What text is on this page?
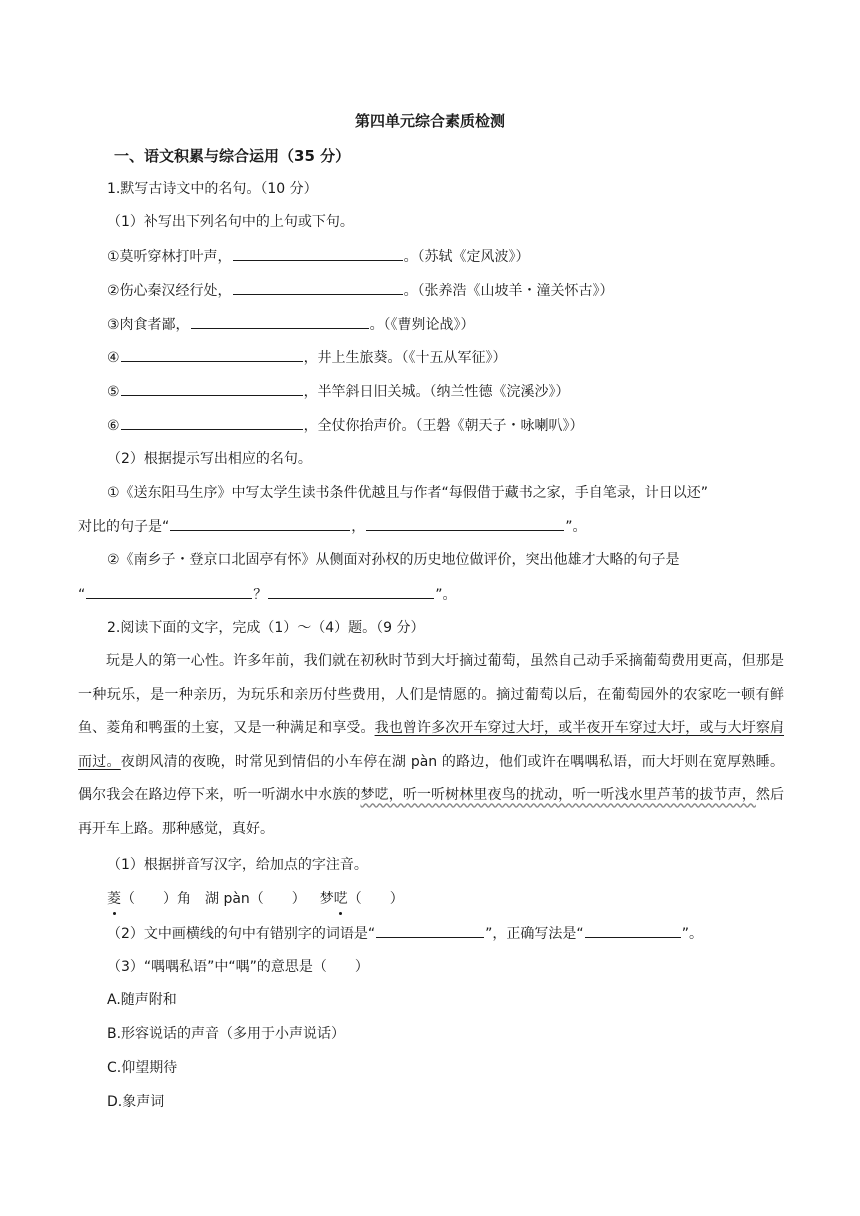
第四单元综合素质检测
一、语文积累与综合运用（35 分）
1.默写古诗文中的名句。（10 分）
（1）补写出下列名句中的上句或下句。
①莫听穿林打叶声，	。（苏轼《定风波》）
②伤心秦汉经行处，	。（张养浩《山坡羊・潼关怀古》）
③肉食者鄙，	。（《曹刿论战》）
④	，井上生旅葵。（《十五从军征》）
⑤	，半竿斜日旧关城。（纳兰性德《浣溪沙》）
⑥	，全仗你抬声价。（王磐《朝天子・咏喇叭》）
（2）根据提示写出相应的名句。
①《送东阳马生序》中写太学生读书条件优越且与作者“每假借于藏书之家，手自笔录，计日以还”
对比的句子是“	，	”。
②《南乡子・登京口北固亭有怀》从侧面对孙权的历史地位做评价，突出他雄才大略的句子是
“	？	”。
2.阅读下面的文字，完成（1）～（4）题。（9 分）
玩是人的第一心性。许多年前，我们就在初秋时节到大圩摘过葡萄，虽然自己动手采摘葡萄费用更高，但那是一种玩乐，是一种亲历，为玩乐和亲历付些费用，人们是情愿的。摘过葡萄以后，在葡萄园外的农家吃一顿有鲜鱼、菱角和鸭蛋的土宴，又是一种满足和享受。我也曾许多次开车穿过大圩，或半夜开车穿过大圩，或与大圩察肩而过。夜朗风清的夜晚，时常见到情侣的小车停在湖 pàn 的路边，他们或许在喁喁私语，而大圩则在宽厚熟睡。偶尔我会在路边停下来，听一听湖水中水族的梦呓，听一听树林里夜鸟的扰动，听一听浅水里芦苇的拔节声，然后再开车上路。那种感觉，真好。
（1）根据拼音写汉字，给加点的字注音。
菱（　　）角 湖 pàn（　　） 梦呓（　　）
（2）文中画横线的句中有错别字的词语是“	”，正确写法是“	”。
（3）“喁喁私语”中“喁”的意思是（　　）
A.随声附和
B.形容说话的声音（多用于小声说话）
C.仰望期待
D.象声词
